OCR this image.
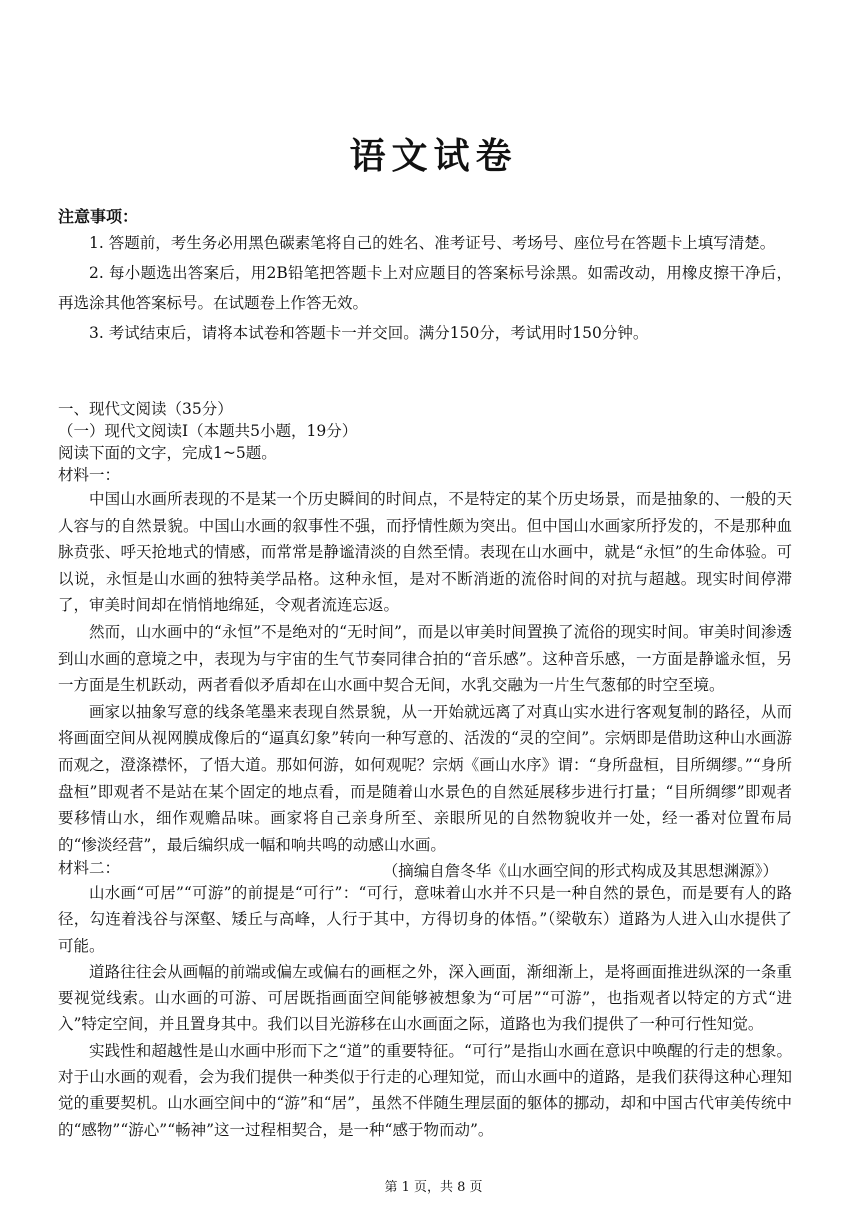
语文试卷
注意事项：

1. 答题前，考生务必用黑色碳素笔将自己的姓名、准考证号、考场号、座位号在答题卡上填写清楚。

2. 每小题选出答案后，用2B铅笔把答题卡上对应题目的答案标号涂黑。如需改动，用橡皮擦干净后，再选涂其他答案标号。在试题卷上作答无效。

3. 考试结束后，请将本试卷和答题卡一并交回。满分150分，考试用时150分钟。

一、现代文阅读（35分）
（一）现代文阅读Ⅰ（本题共5小题，19分）
阅读下面的文字，完成1~5题。
材料一：

中国山水画所表现的不是某一个历史瞬间的时间点，不是特定的某个历史场景，而是抽象的、一般的天人容与的自然景貌。中国山水画的叙事性不强，而抒情性颇为突出。但中国山水画家所抒发的，不是那种血脉贲张、呼天抢地式的情感，而常常是静谧清淡的自然至情。表现在山水画中，就是“永恒”的生命体验。可以说，永恒是山水画的独特美学品格。这种永恒，是对不断消逝的流俗时间的对抗与超越。现实时间停滞了，审美时间却在悄悄地绵延，令观者流连忘返。

然而，山水画中的“永恒”不是绝对的“无时间”，而是以审美时间置换了流俗的现实时间。审美时间渗透到山水画的意境之中，表现为与宇宙的生气节奏同律合拍的“音乐感”。这种音乐感，一方面是静谧永恒，另一方面是生机跃动，两者看似矛盾却在山水画中契合无间，水乳交融为一片生气葱郁的时空至境。

画家以抽象写意的线条笔墨来表现自然景貌，从一开始就远离了对真山实水进行客观复制的路径，从而将画面空间从视网膜成像后的“逼真幻象”转向一种写意的、活泼的“灵的空间”。宗炳即是借助这种山水画游而观之，澄涤襟怀，了悟大道。那如何游，如何观呢？宗炳《画山水序》谓：“身所盘桓，目所绸缪。”“身所盘桓”即观者不是站在某个固定的地点看，而是随着山水景色的自然延展移步进行打量；“目所绸缪”即观者要移情山水，细作观赡品味。画家将自己亲身所至、亲眼所见的自然物貌收并一处，经一番对位置布局的“惨淡经营”，最后编织成一幅和响共鸣的动感山水画。

（摘编自詹冬华《山水画空间的形式构成及其思想渊源》）
材料二：

山水画“可居”“可游”的前提是“可行”：“可行，意味着山水并不只是一种自然的景色，而是要有人的路径，勾连着浅谷与深壑、矮丘与高峰，人行于其中，方得切身的体悟。”（梁敬东）道路为人进入山水提供了可能。

道路往往会从画幅的前端或偏左或偏右的画框之外，深入画面，渐细渐上，是将画面推进纵深的一条重要视觉线索。山水画的可游、可居既指画面空间能够被想象为“可居”“可游”，也指观者以特定的方式“进入”特定空间，并且置身其中。我们以目光游移在山水画面之际，道路也为我们提供了一种可行性知觉。

实践性和超越性是山水画中形而下之“道”的重要特征。“可行”是指山水画在意识中唤醒的行走的想象。对于山水画的观看，会为我们提供一种类似于行走的心理知觉，而山水画中的道路，是我们获得这种心理知觉的重要契机。山水画空间中的“游”和“居”，虽然不伴随生理层面的躯体的挪动，却和中国古代审美传统中的“感物”“游心”“畅神”这一过程相契合，是一种“感于物而动”。

第 1 页，共 8 页
